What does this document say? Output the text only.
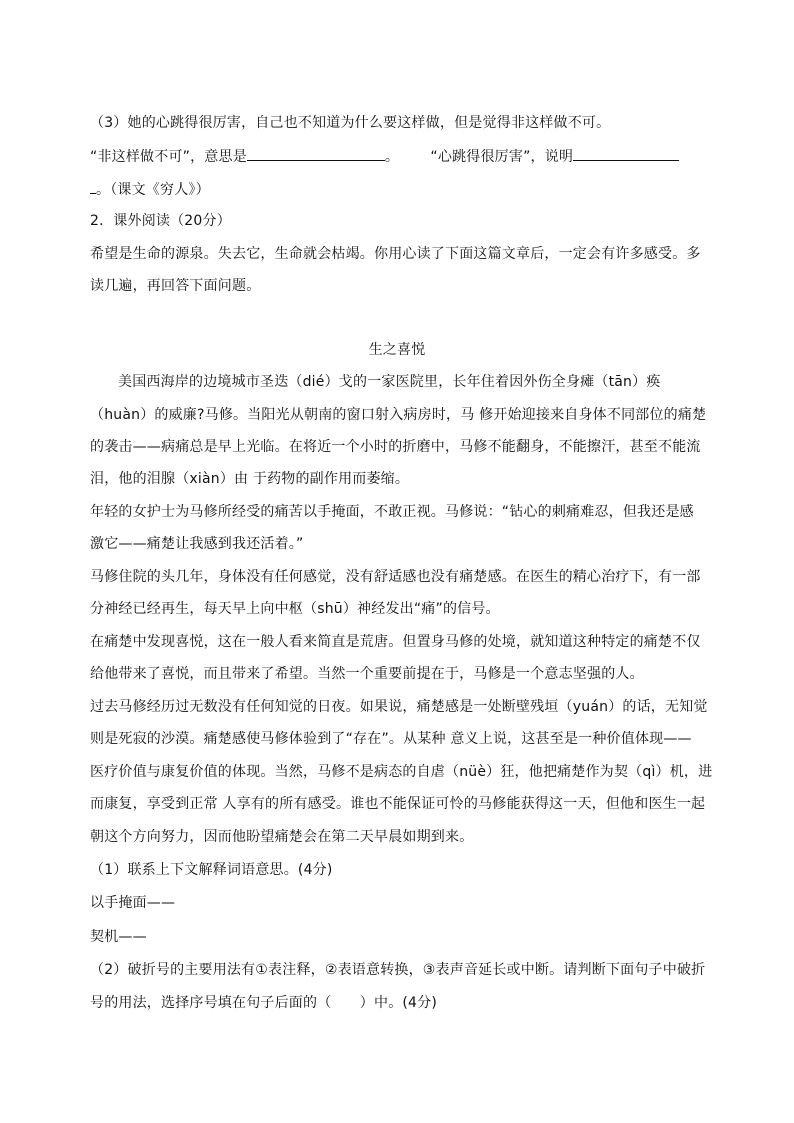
（3）她的心跳得很厉害，自己也不知道为什么要这样做，但是觉得非这样做不可。
“非这样做不可”，意思是	。 “心跳得很厉害”，说明
。（课文《穷人》）
2．课外阅读（20分）
希望是生命的源泉。失去它，生命就会枯竭。你用心读了下面这篇文章后，一定会有许多感受。多
读几遍，再回答下面问题。
生之喜悦
美国西海岸的边境城市圣迭（dié）戈的一家医院里，长年住着因外伤全身瘫（tān）痪
（huàn）的威廉?马修。当阳光从朝南的窗口射入病房时，马 修开始迎接来自身体不同部位的痛楚
的袭击——病痛总是早上光临。在将近一个小时的折磨中，马修不能翻身，不能擦汗，甚至不能流
泪，他的泪腺（xiàn）由 于药物的副作用而萎缩。
年轻的女护士为马修所经受的痛苦以手掩面，不敢正视。马修说：“钻心的刺痛难忍，但我还是感
激它——痛楚让我感到我还活着。”
马修住院的头几年，身体没有任何感觉，没有舒适感也没有痛楚感。在医生的精心治疗下，有一部
分神经已经再生，每天早上向中枢（shū）神经发出“痛”的信号。
在痛楚中发现喜悦，这在一般人看来简直是荒唐。但置身马修的处境，就知道这种特定的痛楚不仅
给他带来了喜悦，而且带来了希望。当然一个重要前提在于，马修是一个意志坚强的人。
过去马修经历过无数没有任何知觉的日夜。如果说，痛楚感是一处断壁残垣（yuán）的话，无知觉
则是死寂的沙漠。痛楚感使马修体验到了“存在”。从某种 意义上说，这甚至是一种价值体现——
医疗价值与康复价值的体现。当然，马修不是病态的自虐（nüè）狂，他把痛楚作为契（qì）机，进
而康复，享受到正常 人享有的所有感受。谁也不能保证可怜的马修能获得这一天，但他和医生一起
朝这个方向努力，因而他盼望痛楚会在第二天早晨如期到来。
（1）联系上下文解释词语意思。(4分)
以手掩面——
契机——
（2）破折号的主要用法有①表注释，②表语意转换，③表声音延长或中断。请判断下面句子中破折
号的用法，选择序号填在句子后面的（　　）中。(4分)
